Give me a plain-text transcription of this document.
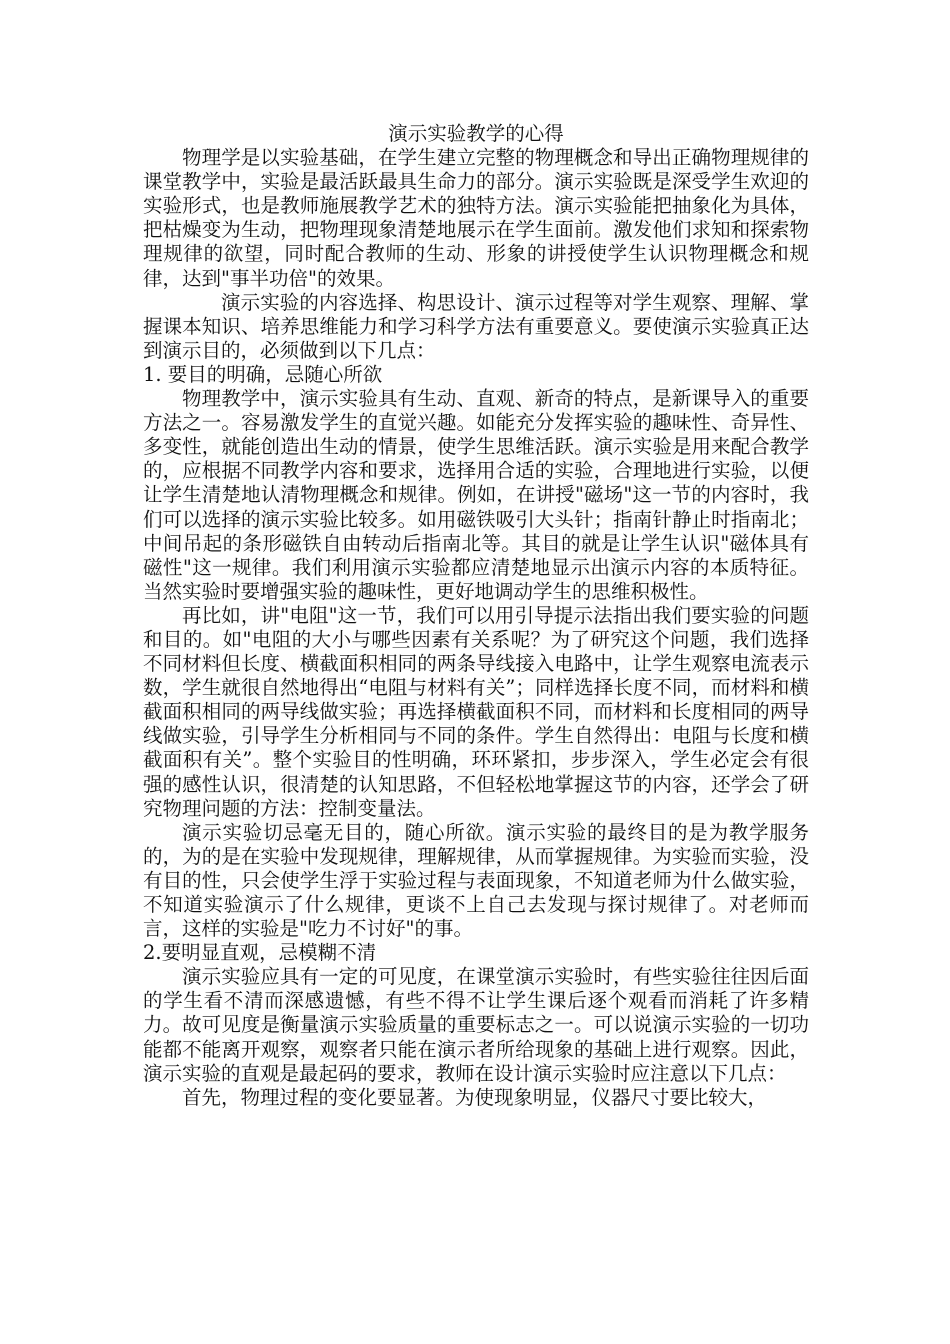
演示实验教学的心得

物理学是以实验基础，在学生建立完整的物理概念和导出正确物理规律的课堂教学中，实验是最活跃最具生命力的部分。演示实验既是深受学生欢迎的实验形式，也是教师施展教学艺术的独特方法。演示实验能把抽象化为具体，把枯燥变为生动，把物理现象清楚地展示在学生面前。激发他们求知和探索物理规律的欲望，同时配合教师的生动、形象的讲授使学生认识物理概念和规律，达到"事半功倍"的效果。

演示实验的内容选择、构思设计、演示过程等对学生观察、理解、掌握课本知识、培养思维能力和学习科学方法有重要意义。要使演示实验真正达到演示目的，必须做到以下几点：

1. 要目的明确，忌随心所欲

物理教学中，演示实验具有生动、直观、新奇的特点，是新课导入的重要方法之一。容易激发学生的直觉兴趣。如能充分发挥实验的趣味性、奇异性、多变性，就能创造出生动的情景，使学生思维活跃。演示实验是用来配合教学的，应根据不同教学内容和要求，选择用合适的实验，合理地进行实验，以便让学生清楚地认清物理概念和规律。例如，在讲授"磁场"这一节的内容时，我们可以选择的演示实验比较多。如用磁铁吸引大头针；指南针静止时指南北；中间吊起的条形磁铁自由转动后指南北等。其目的就是让学生认识"磁体具有磁性"这一规律。我们利用演示实验都应清楚地显示出演示内容的本质特征。当然实验时要增强实验的趣味性，更好地调动学生的思维积极性。

再比如，讲"电阻"这一节，我们可以用引导提示法指出我们要实验的问题和目的。如"电阻的大小与哪些因素有关系呢？为了研究这个问题，我们选择不同材料但长度、横截面积相同的两条导线接入电路中，让学生观察电流表示数，学生就很自然地得出“电阻与材料有关”；同样选择长度不同，而材料和横截面积相同的两导线做实验；再选择横截面积不同，而材料和长度相同的两导线做实验，引导学生分析相同与不同的条件。学生自然得出：电阻与长度和横截面积有关”。整个实验目的性明确，环环紧扣，步步深入，学生必定会有很强的感性认识，很清楚的认知思路，不但轻松地掌握这节的内容，还学会了研究物理问题的方法：控制变量法。

演示实验切忌毫无目的，随心所欲。演示实验的最终目的是为教学服务的，为的是在实验中发现规律，理解规律，从而掌握规律。为实验而实验，没有目的性，只会使学生浮于实验过程与表面现象，不知道老师为什么做实验，不知道实验演示了什么规律，更谈不上自己去发现与探讨规律了。对老师而言，这样的实验是"吃力不讨好"的事。

2.要明显直观，忌模糊不清

演示实验应具有一定的可见度，在课堂演示实验时，有些实验往往因后面的学生看不清而深感遗憾，有些不得不让学生课后逐个观看而消耗了许多精力。故可见度是衡量演示实验质量的重要标志之一。可以说演示实验的一切功能都不能离开观察，观察者只能在演示者所给现象的基础上进行观察。因此，演示实验的直观是最起码的要求，教师在设计演示实验时应注意以下几点：

首先，物理过程的变化要显著。为使现象明显，仪器尺寸要比较大，
